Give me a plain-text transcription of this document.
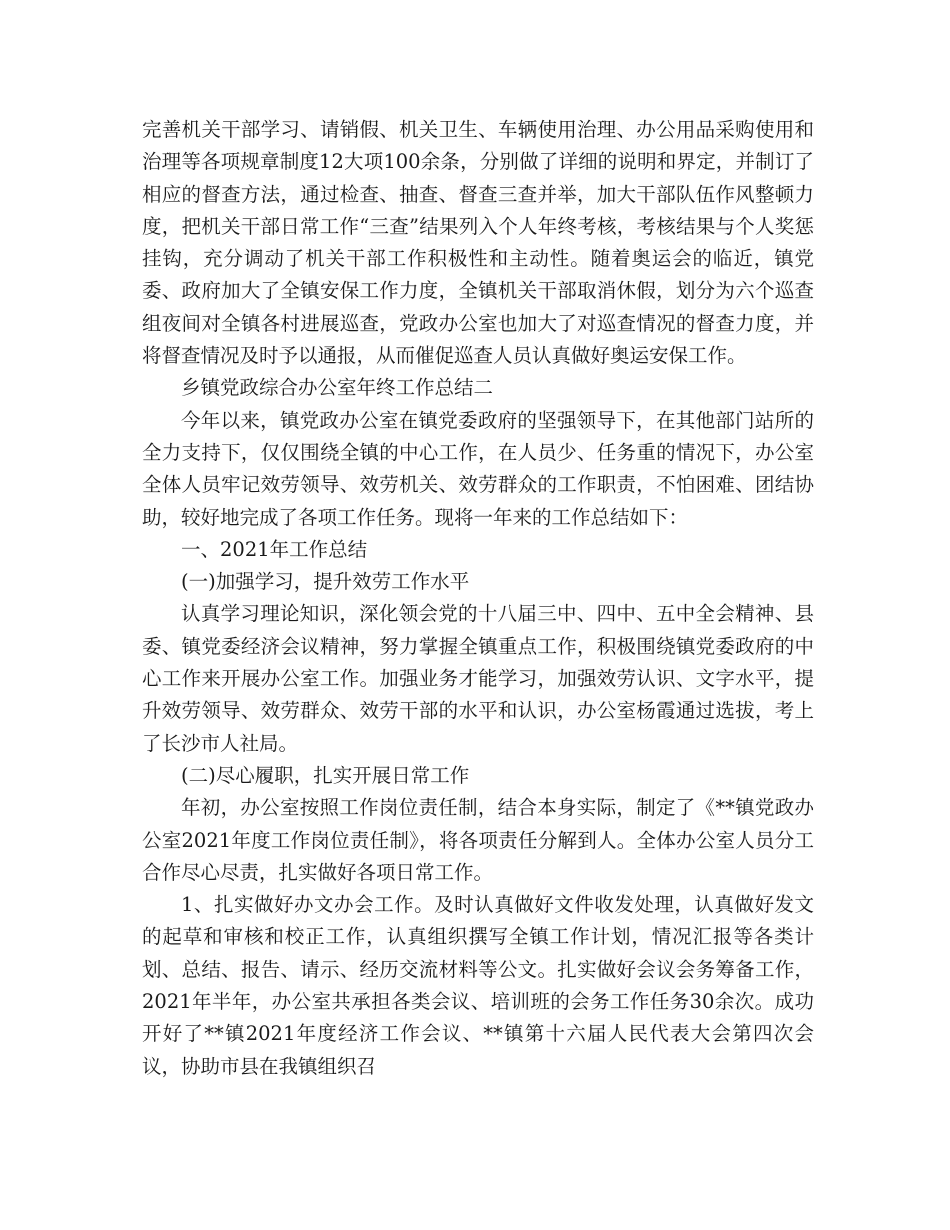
完善机关干部学习、请销假、机关卫生、车辆使用治理、办公用品采购使用和治理等各项规章制度12大项100余条，分别做了详细的说明和界定，并制订了相应的督查方法，通过检查、抽查、督查三查并举，加大干部队伍作风整顿力度，把机关干部日常工作“三查”结果列入个人年终考核，考核结果与个人奖惩挂钩，充分调动了机关干部工作积极性和主动性。随着奥运会的临近，镇党委、政府加大了全镇安保工作力度，全镇机关干部取消休假，划分为六个巡查组夜间对全镇各村进展巡查，党政办公室也加大了对巡查情况的督查力度，并将督查情况及时予以通报，从而催促巡查人员认真做好奥运安保工作。

乡镇党政综合办公室年终工作总结二

今年以来，镇党政办公室在镇党委政府的坚强领导下，在其他部门站所的全力支持下，仅仅围绕全镇的中心工作，在人员少、任务重的情况下，办公室全体人员牢记效劳领导、效劳机关、效劳群众的工作职责，不怕困难、团结协助，较好地完成了各项工作任务。现将一年来的工作总结如下：

一、2021年工作总结

(一)加强学习，提升效劳工作水平

认真学习理论知识，深化领会党的十八届三中、四中、五中全会精神、县委、镇党委经济会议精神，努力掌握全镇重点工作，积极围绕镇党委政府的中心工作来开展办公室工作。加强业务才能学习，加强效劳认识、文字水平，提升效劳领导、效劳群众、效劳干部的水平和认识，办公室杨霞通过选拔，考上了长沙市人社局。

(二)尽心履职，扎实开展日常工作

年初，办公室按照工作岗位责任制，结合本身实际，制定了《**镇党政办公室2021年度工作岗位责任制》，将各项责任分解到人。全体办公室人员分工合作尽心尽责，扎实做好各项日常工作。

1、扎实做好办文办会工作。及时认真做好文件收发处理，认真做好发文的起草和审核和校正工作，认真组织撰写全镇工作计划，情况汇报等各类计划、总结、报告、请示、经历交流材料等公文。扎实做好会议会务筹备工作，2021年半年，办公室共承担各类会议、培训班的会务工作任务30余次。成功开好了**镇2021年度经济工作会议、**镇第十六届人民代表大会第四次会议，协助市县在我镇组织召
